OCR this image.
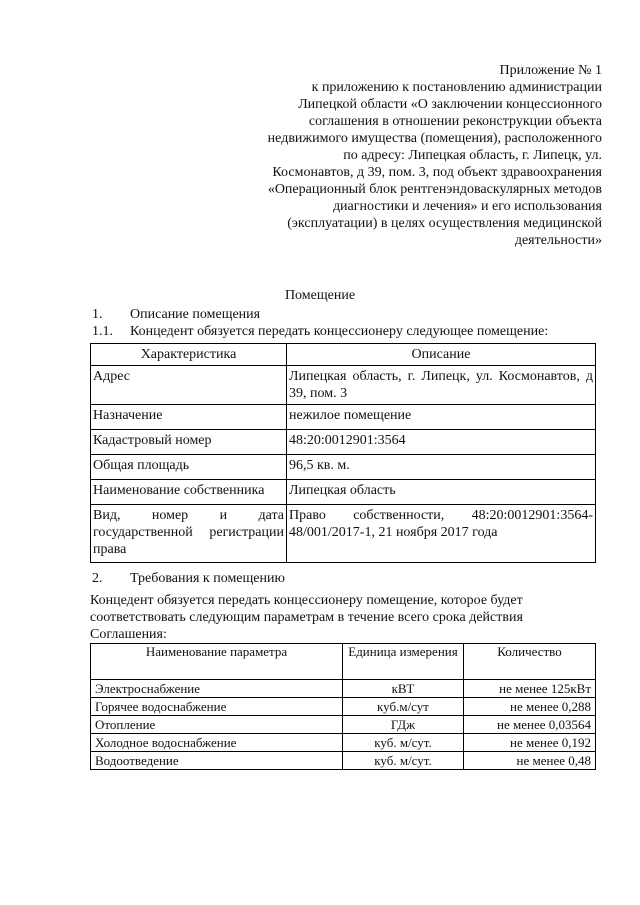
Приложение № 1

к приложению к постановлению администрации

Липецкой области «О заключении концессионного

соглашения в отношении реконструкции объекта

недвижимого имущества (помещения), расположенного

по адресу: Липецкая область, г. Липецк, ул.

Космонавтов, д 39, пом. 3, под объект здравоохранения

«Операционный блок рентгенэндоваскулярных методов

диагностики и лечения» и его использования

(эксплуатации) в целях осуществления медицинской

деятельности»

Помещение
1. Описание помещения
1.1. Концедент обязуется передать концессионеру следующее помещение:
Характеристика	Описание
Адрес	Липецкая область, г. Липецк, ул. Космонавтов, д 39, пом. 3
Назначение	нежилое помещение
Кадастровый номер	48:20:0012901:3564
Общая площадь	96,5 кв. м.
Наименование собственника	Липецкая область
Вид, номер и дата государственной регистрации права	Право собственности, 48:20:0012901:3564-48/001/2017-1, 21 ноября 2017 года
2. Требования к помещению
Концедент обязуется передать концессионеру помещение, которое будет соответствовать следующим параметрам в течение всего срока действия Соглашения:
Наименование параметра	Единица измерения	Количество
Электроснабжение	кВТ	не менее 125кВт
Горячее водоснабжение	куб.м/сут	не менее 0,288
Отопление	ГДж	не менее 0,03564
Холодное водоснабжение	куб. м/сут.	не менее 0,192
Водоотведение	куб. м/сут.	не менее 0,48
